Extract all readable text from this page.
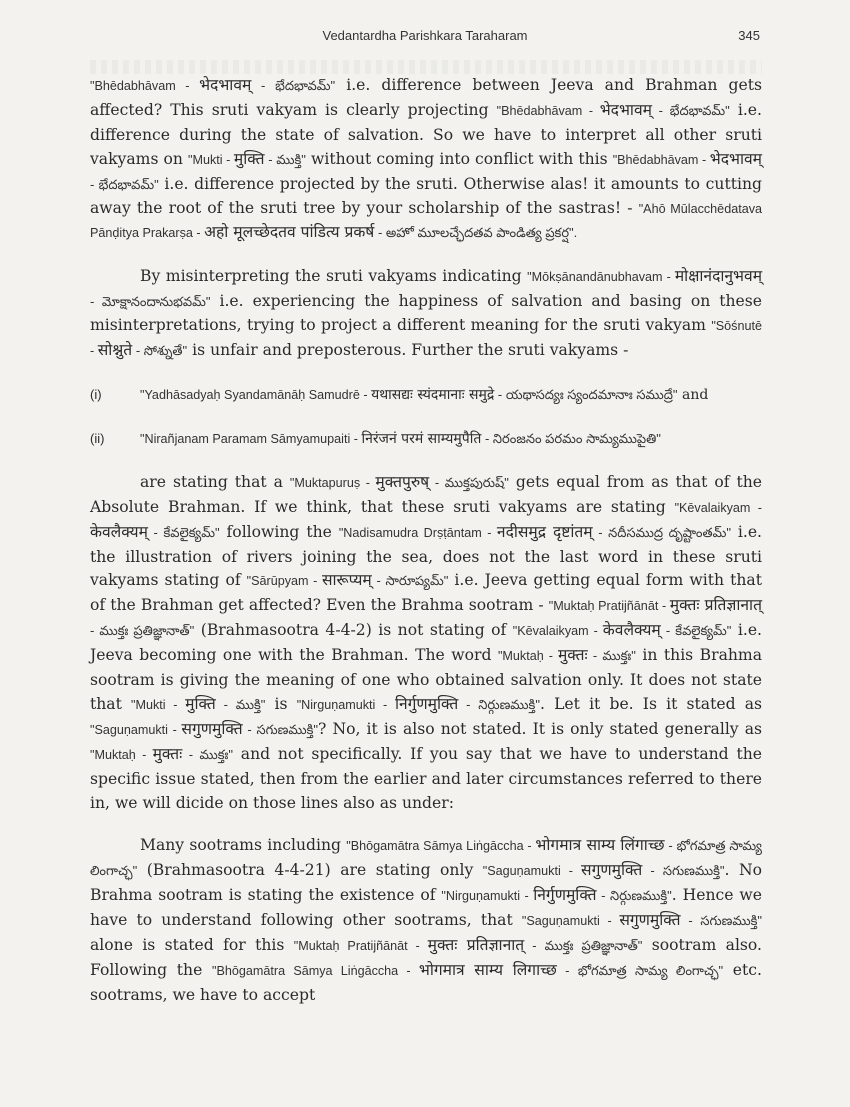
Vedantardha Parishkara Taraharam	345

"Bhēdabhāvam - भेदभावम् - భేదభావమ్" i.e. difference between Jeeva and Brahman gets affected? This sruti vakyam is clearly projecting "Bhēdabhāvam - भेदभावम् - భేదభావమ్" i.e. difference during the state of salvation. So we have to interpret all other sruti vakyams on "Mukti - मुक्ति - ముక్తి" without coming into conflict with this "Bhēdabhāvam - भेदभावम् - భేదభావమ్" i.e. difference projected by the sruti. Otherwise alas! it amounts to cutting away the root of the sruti tree by your scholarship of the sastras! - "Ahō Mūlacchēdatava Pānḍitya Prakarṣa - अहो मूलच्छेदतव पांडित्य प्रकर्ष - అహో మూలచ్ఛేదతవ పాండిత్య ప్రకర్ష".

By misinterpreting the sruti vakyams indicating "Mōkṣānandānubhavam - मोक्षानंदानुभवम् - మోక్షానందానుభవమ్" i.e. experiencing the happiness of salvation and basing on these misinterpretations, trying to project a different meaning for the sruti vakyam "Sōśnutē - सोश्नुते - సోశ్నుతే" is unfair and preposterous. Further the sruti vakyams -

(i)	"Yadhāsadyaḥ Syandamānāḥ Samudrē - यथासद्यः स्यंदमानाः समुद्रे - యథాసద్యః స్యందమానాః సముద్రే" and
(ii)	"Nirañjanam Paramam Sāmyamupaiti - निरंजनं परमं साम्यमुपैति - నిరంజనం పరమం సామ్యముపైతి"

are stating that a "Muktapuruṣ - मुक्तपुरुष् - ముక్తపురుష్" gets equal from as that of the Absolute Brahman. If we think, that these sruti vakyams are stating "Kēvalaikyam - केवलैक्यम् - కేవలైక్యమ్" following the "Nadisamudra Drṣṭāntam - नदीसमुद्र दृष्टांतम् - నదీసముద్ర దృష్టాంతమ్" i.e. the illustration of rivers joining the sea, does not the last word in these sruti vakyams stating of "Sārūpyam - सारूप्यम् - సారూప్యమ్" i.e. Jeeva getting equal form with that of the Brahman get affected? Even the Brahma sootram - "Muktaḥ Pratijñānāt - मुक्तः प्रतिज्ञानात् - ముక్తః ప్రతిజ్ఞానాత్" (Brahmasootra 4-4-2) is not stating of "Kēvalaikyam - केवलैक्यम् - కేవలైక్యమ్" i.e. Jeeva becoming one with the Brahman. The word "Muktaḥ - मुक्तः - ముక్తః" in this Brahma sootram is giving the meaning of one who obtained salvation only. It does not state that "Mukti - मुक्ति - ముక్తి" is "Nirguṇamukti - निर्गुणमुक्ति - నిర్గుణముక్తి". Let it be. Is it stated as "Saguṇamukti - सगुणमुक्ति - సగుణముక్తి"? No, it is also not stated. It is only stated generally as "Muktaḥ - मुक्तः - ముక్తః" and not specifically. If you say that we have to understand the specific issue stated, then from the earlier and later circumstances referred to there in, we will dicide on those lines also as under:

Many sootrams including "Bhōgamātra Sāmya Liṅgāccha - भोगमात्र साम्य लिंगाच्छ - భోగమాత్ర సామ్య లింగాచ్ఛ" (Brahmasootra 4-4-21) are stating only "Saguṇamukti - सगुणमुक्ति - సగుణముక్తి". No Brahma sootram is stating the existence of "Nirguṇamukti - निर्गुणमुक्ति - నిర్గుణముక్తి". Hence we have to understand following other sootrams, that "Saguṇamukti - सगुणमुक्ति - సగుణముక్తి" alone is stated for this "Muktaḥ Pratijñānāt - मुक्तः प्रतिज्ञानात् - ముక్తః ప్రతిజ్ఞానాత్" sootram also. Following the "Bhōgamātra Sāmya Liṅgāccha - भोगमात्र साम्य लिगाच्छ - భోగమాత్ర సామ్య లింగాచ్ఛ" etc. sootrams, we have to accept
